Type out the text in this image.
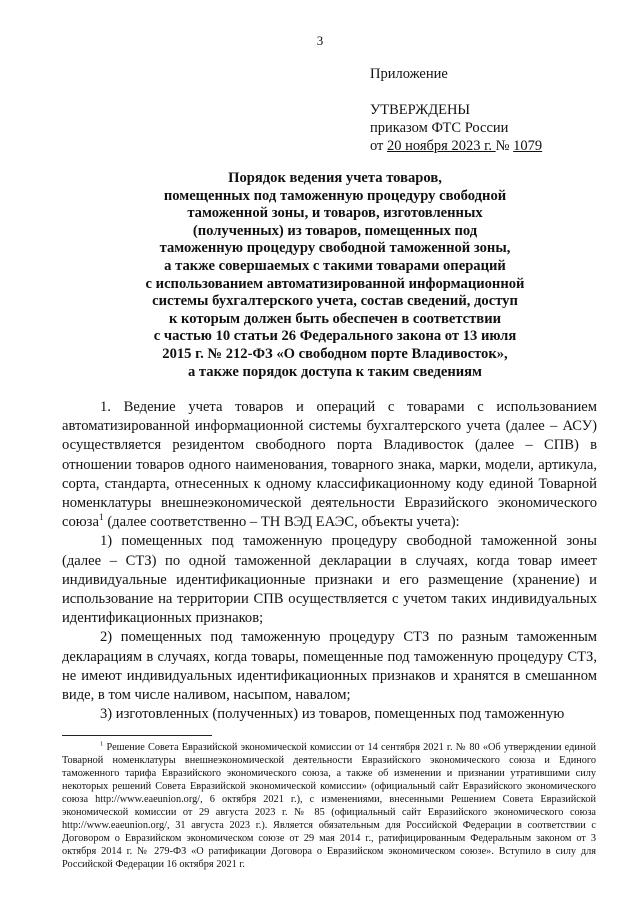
3
Приложение
УТВЕРЖДЕНЫ
приказом ФТС России
от 20 ноября 2023 г. № 1079
Порядок ведения учета товаров,
помещенных под таможенную процедуру свободной
таможенной зоны, и товаров, изготовленных
(полученных) из товаров, помещенных под
таможенную процедуру свободной таможенной зоны,
а также совершаемых с такими товарами операций
с использованием автоматизированной информационной
системы бухгалтерского учета, состав сведений, доступ
к которым должен быть обеспечен в соответствии
с частью 10 статьи 26 Федерального закона от 13 июля
2015 г. № 212-ФЗ «О свободном порте Владивосток»,
а также порядок доступа к таким сведениям

1. Ведение учета товаров и операций с товарами с использованием автоматизированной информационной системы бухгалтерского учета (далее – АСУ) осуществляется резидентом свободного порта Владивосток (далее – СПВ) в отношении товаров одного наименования, товарного знака, марки, модели, артикула, сорта, стандарта, отнесенных к одному классификационному коду единой Товарной номенклатуры внешнеэкономической деятельности Евразийского экономического союза$^1$ (далее соответственно – ТН ВЭД ЕАЭС, объекты учета):

1) помещенных под таможенную процедуру свободной таможенной зоны (далее – СТЗ) по одной таможенной декларации в случаях, когда товар имеет индивидуальные идентификационные признаки и его размещение (хранение) и использование на территории СПВ осуществляется с учетом таких индивидуальных идентификационных признаков;

2) помещенных под таможенную процедуру СТЗ по разным таможенным декларациям в случаях, когда товары, помещенные под таможенную процедуру СТЗ, не имеют индивидуальных идентификационных признаков и хранятся в смешанном виде, в том числе наливом, насыпом, навалом;

3) изготовленных (полученных) из товаров, помещенных под таможенную

$^1$ Решение Совета Евразийской экономической комиссии от 14 сентября 2021 г. № 80 «Об утверждении единой Товарной номенклатуры внешнеэкономической деятельности Евразийского экономического союза и Единого таможенного тарифа Евразийского экономического союза, а также об изменении и признании утратившими силу некоторых решений Совета Евразийской экономической комиссии» (официальный сайт Евразийского экономического союза http://www.eaeunion.org/, 6 октября 2021 г.), с изменениями, внесенными Решением Совета Евразийской экономической комиссии от 29 августа 2023 г. № 85 (официальный сайт Евразийского экономического союза http://www.eaeunion.org/, 31 августа 2023 г.). Является обязательным для Российской Федерации в соответствии с Договором о Евразийском экономическом союзе от 29 мая 2014 г., ратифицированным Федеральным законом от 3 октября 2014 г. № 279-ФЗ «О ратификации Договора о Евразийском экономическом союзе». Вступило в силу для Российской Федерации 16 октября 2021 г.
